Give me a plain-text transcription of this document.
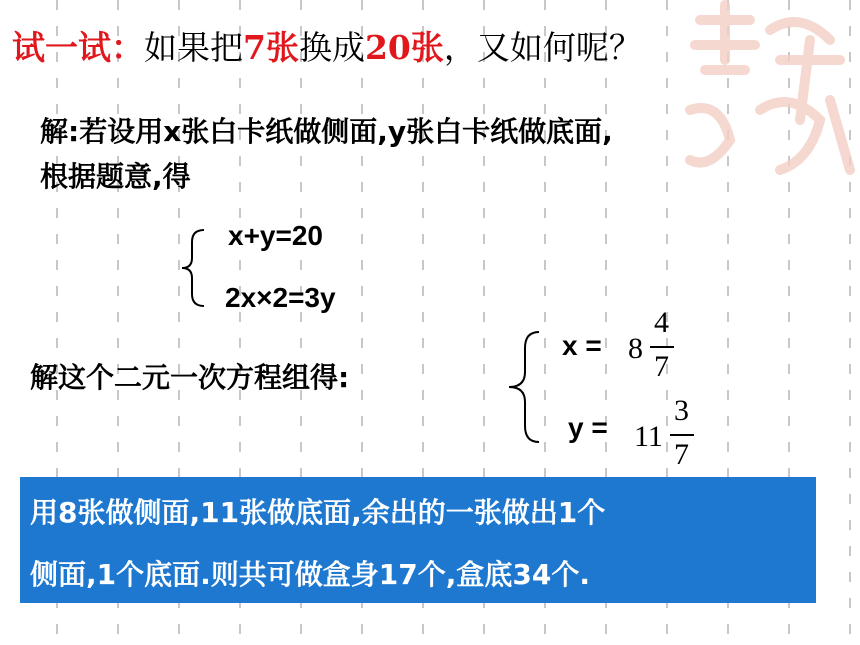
试一试：如果把7张换成20张，又如何呢？
解:若设用x张白卡纸做侧面,y张白卡纸做底面,
根据题意,得
x+y=20
2x×2=3y
解这个二元一次方程组得:
x = 8
4
7
y = 11
3
7
用8张做侧面,11张做底面,余出的一张做出1个
侧面,1个底面.则共可做盒身17个,盒底34个.
